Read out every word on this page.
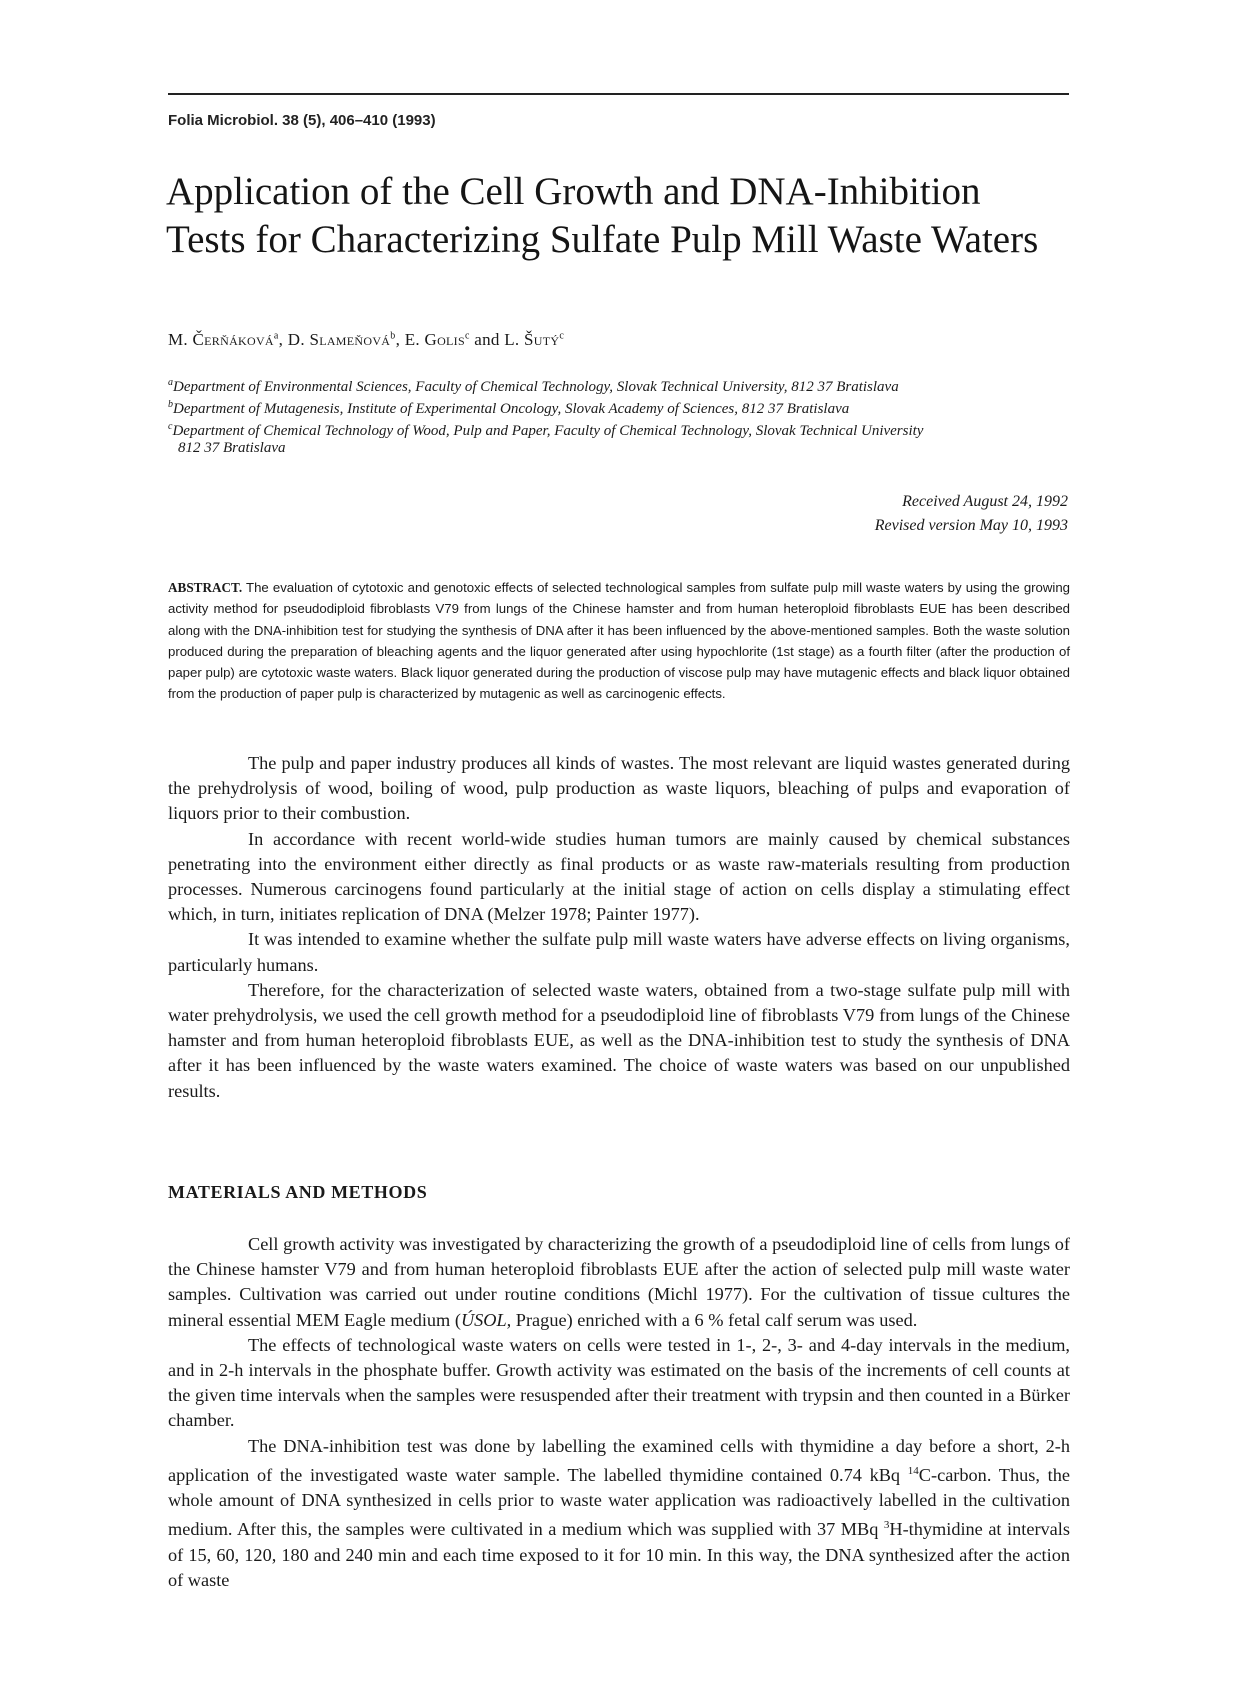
Folia Microbiol. 38 (5), 406–410 (1993)
Application of the Cell Growth and DNA-Inhibition Tests for Characterizing Sulfate Pulp Mill Waste Waters
M. Čerňáková$^a$, D. Slameňová$^b$, E. Golis$^c$ and L. Šutý$^c$
$^a$Department of Environmental Sciences, Faculty of Chemical Technology, Slovak Technical University, 812 37 Bratislava
$^b$Department of Mutagenesis, Institute of Experimental Oncology, Slovak Academy of Sciences, 812 37 Bratislava
$^c$Department of Chemical Technology of Wood, Pulp and Paper, Faculty of Chemical Technology, Slovak Technical University
812 37 Bratislava
Received August 24, 1992
Revised version May 10, 1993
ABSTRACT. The evaluation of cytotoxic and genotoxic effects of selected technological samples from sulfate pulp mill waste waters by using the growing activity method for pseudodiploid fibroblasts V79 from lungs of the Chinese hamster and from human heteroploid fibroblasts EUE has been described along with the DNA-inhibition test for studying the synthesis of DNA after it has been influenced by the above-mentioned samples. Both the waste solution produced during the preparation of bleaching agents and the liquor generated after using hypochlorite (1st stage) as a fourth filter (after the production of paper pulp) are cytotoxic waste waters. Black liquor generated during the production of viscose pulp may have mutagenic effects and black liquor obtained from the production of paper pulp is characterized by mutagenic as well as carcinogenic effects.

The pulp and paper industry produces all kinds of wastes. The most relevant are liquid wastes generated during the prehydrolysis of wood, boiling of wood, pulp production as waste liquors, bleaching of pulps and evaporation of liquors prior to their combustion.

In accordance with recent world-wide studies human tumors are mainly caused by chemical substances penetrating into the environment either directly as final products or as waste raw-materials resulting from production processes. Numerous carcinogens found particularly at the initial stage of action on cells display a stimulating effect which, in turn, initiates replication of DNA (Melzer 1978; Painter 1977).

It was intended to examine whether the sulfate pulp mill waste waters have adverse effects on living organisms, particularly humans.

Therefore, for the characterization of selected waste waters, obtained from a two-stage sulfate pulp mill with water prehydrolysis, we used the cell growth method for a pseudodiploid line of fibroblasts V79 from lungs of the Chinese hamster and from human heteroploid fibroblasts EUE, as well as the DNA-inhibition test to study the synthesis of DNA after it has been influenced by the waste waters examined. The choice of waste waters was based on our unpublished results.

MATERIALS AND METHODS

Cell growth activity was investigated by characterizing the growth of a pseudodiploid line of cells from lungs of the Chinese hamster V79 and from human heteroploid fibroblasts EUE after the action of selected pulp mill waste water samples. Cultivation was carried out under routine conditions (Michl 1977). For the cultivation of tissue cultures the mineral essential MEM Eagle medium (ÚSOL, Prague) enriched with a 6 % fetal calf serum was used.

The effects of technological waste waters on cells were tested in 1-, 2-, 3- and 4-day intervals in the medium, and in 2-h intervals in the phosphate buffer. Growth activity was estimated on the basis of the increments of cell counts at the given time intervals when the samples were resuspended after their treatment with trypsin and then counted in a Bürker chamber.

The DNA-inhibition test was done by labelling the examined cells with thymidine a day before a short, 2-h application of the investigated waste water sample. The labelled thymidine contained 0.74 kBq $^{14}$C-carbon. Thus, the whole amount of DNA synthesized in cells prior to waste water application was radioactively labelled in the cultivation medium. After this, the samples were cultivated in a medium which was supplied with 37 MBq $^3$H-thymidine at intervals of 15, 60, 120, 180 and 240 min and each time exposed to it for 10 min. In this way, the DNA synthesized after the action of waste
